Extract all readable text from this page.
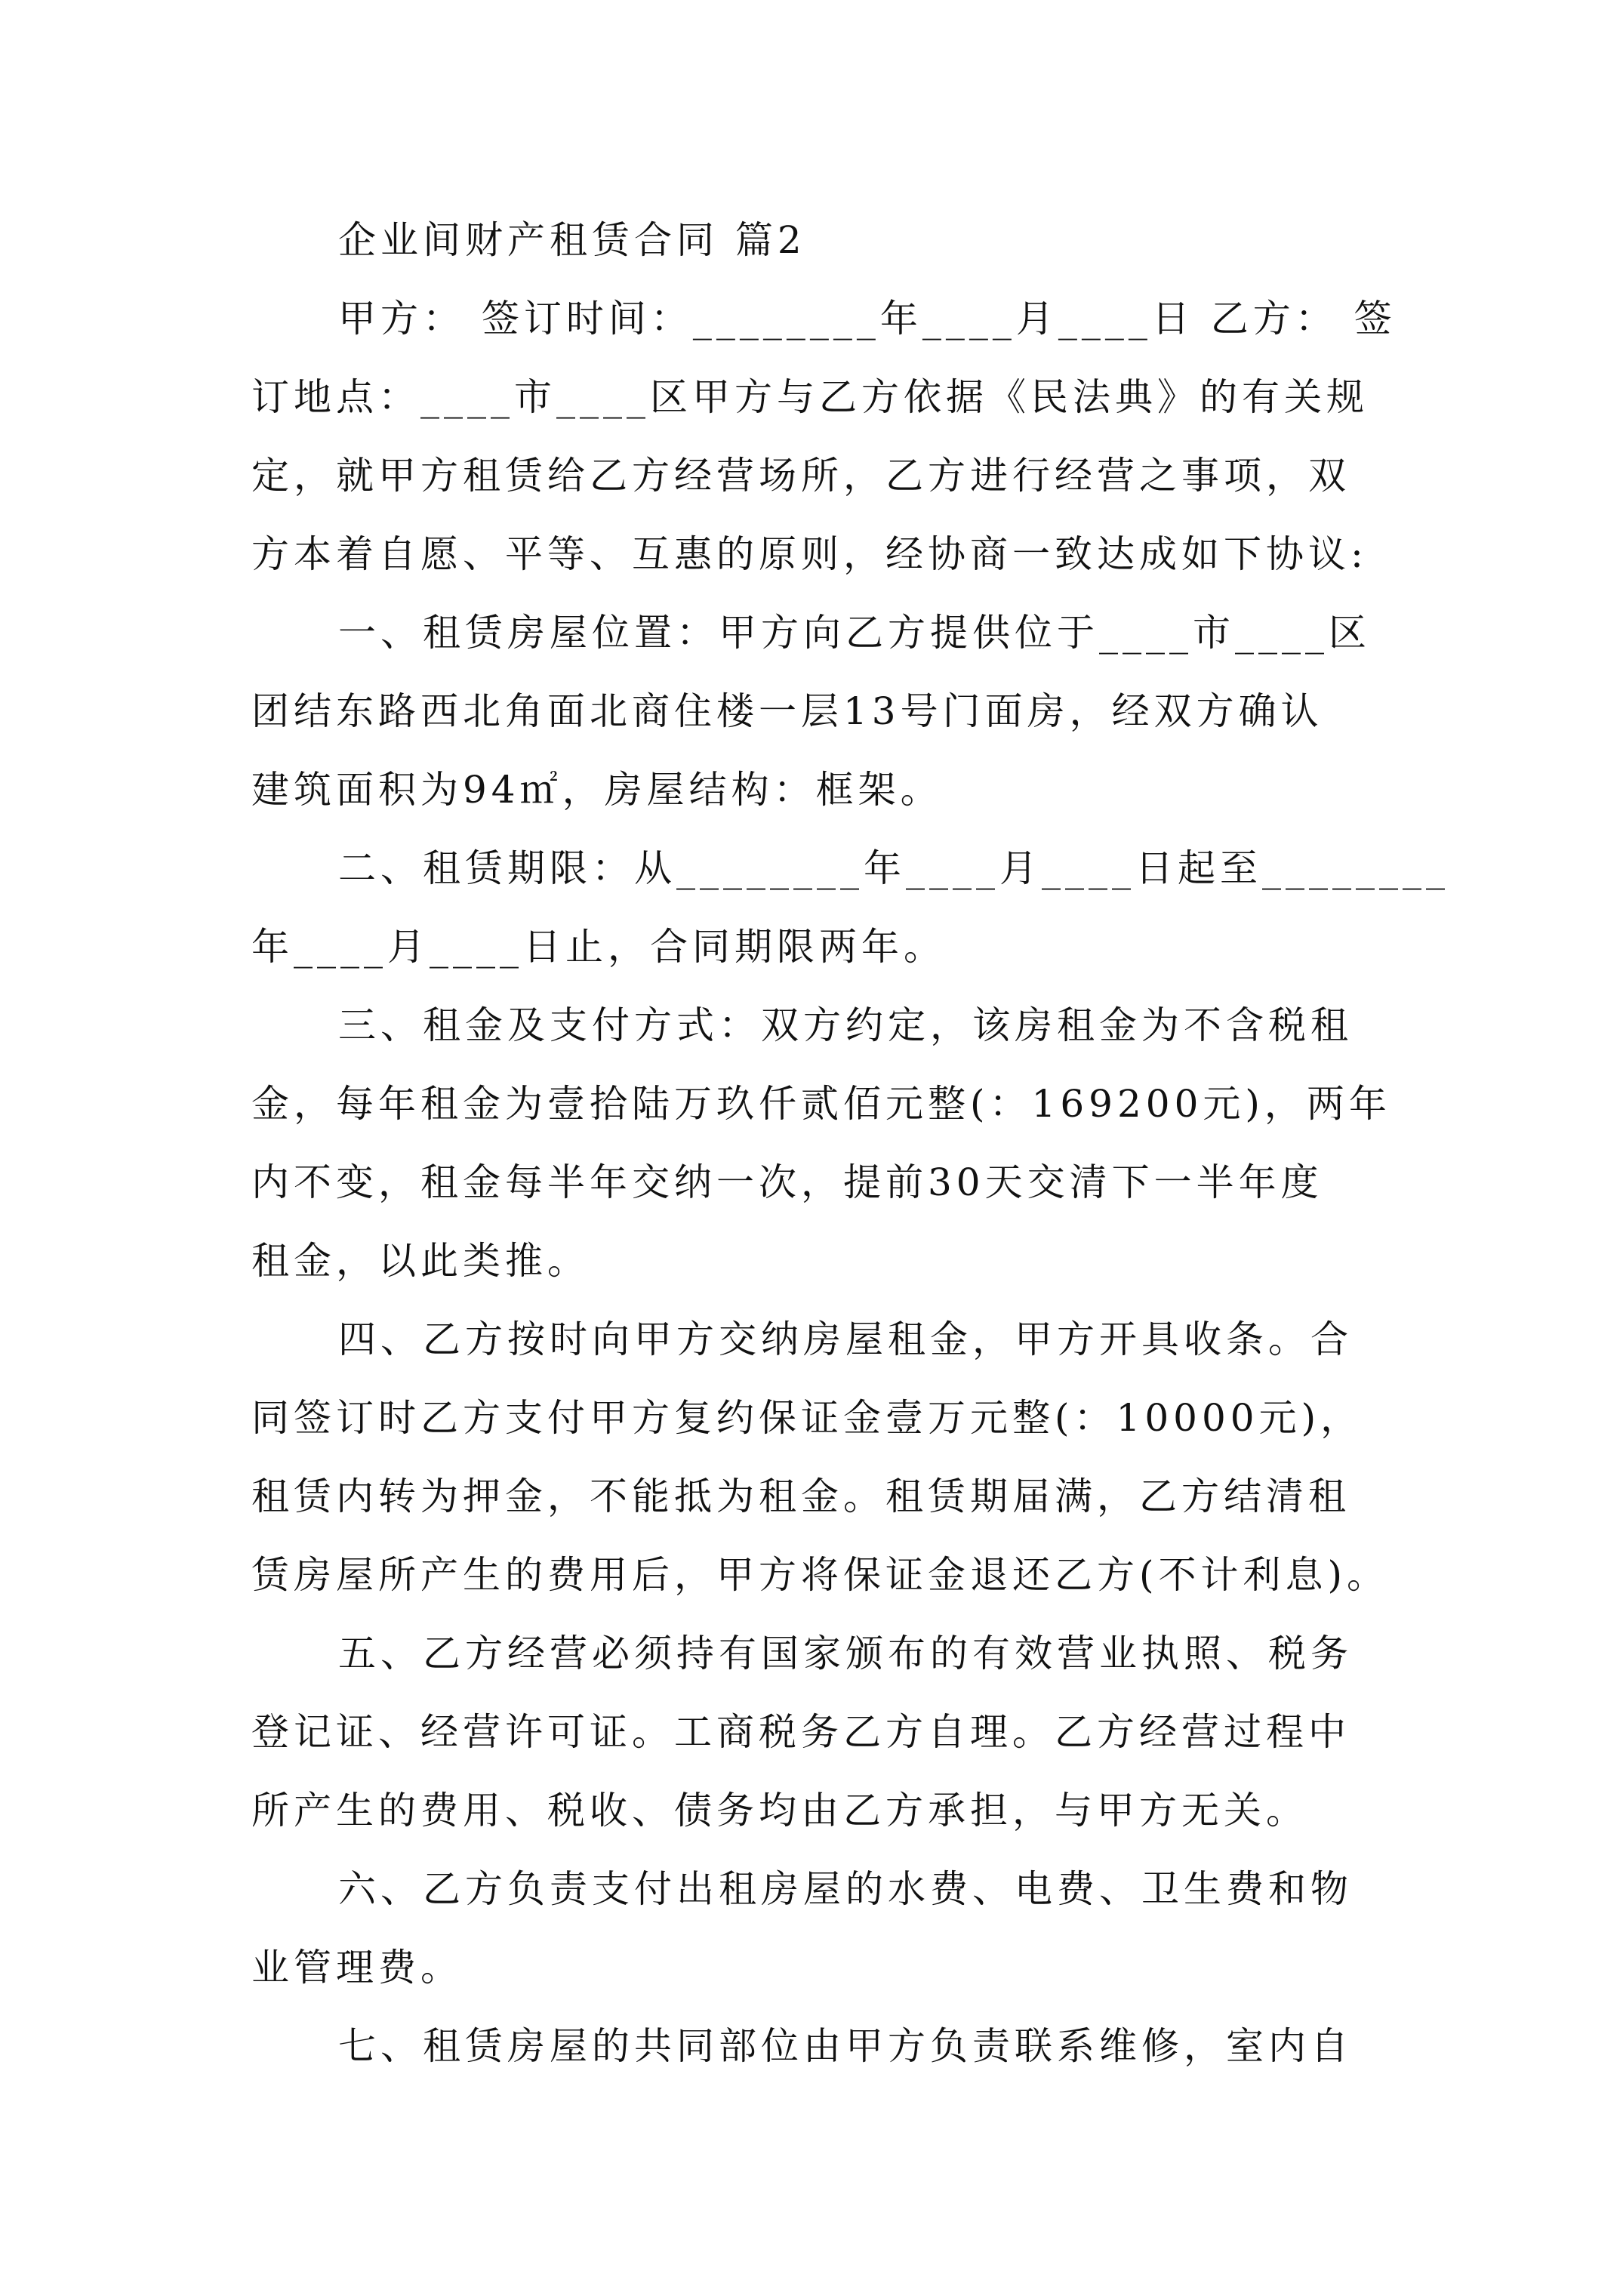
企业间财产租赁合同 篇2
甲方： 签订时间：________年____月____日 乙方： 签
订地点：____市____区甲方与乙方依据《民法典》的有关规
定，就甲方租赁给乙方经营场所，乙方进行经营之事项，双
方本着自愿、平等、互惠的原则，经协商一致达成如下协议:
一、租赁房屋位置：甲方向乙方提供位于____市____区
团结东路西北角面北商住楼一层13号门面房，经双方确认
建筑面积为94㎡，房屋结构：框架。
二、租赁期限：从________年____月____日起至________
年____月____日止，合同期限两年。
三、租金及支付方式：双方约定，该房租金为不含税租
金，每年租金为壹拾陆万玖仟贰佰元整(：169200元)，两年
内不变，租金每半年交纳一次，提前30天交清下一半年度
租金，以此类推。
四、乙方按时向甲方交纳房屋租金，甲方开具收条。合
同签订时乙方支付甲方复约保证金壹万元整(：10000元)，
租赁内转为押金，不能抵为租金。租赁期届满，乙方结清租
赁房屋所产生的费用后，甲方将保证金退还乙方(不计利息)。
五、乙方经营必须持有国家颁布的有效营业执照、税务
登记证、经营许可证。工商税务乙方自理。乙方经营过程中
所产生的费用、税收、债务均由乙方承担，与甲方无关。
六、乙方负责支付出租房屋的水费、电费、卫生费和物
业管理费。
七、租赁房屋的共同部位由甲方负责联系维修，室内自
